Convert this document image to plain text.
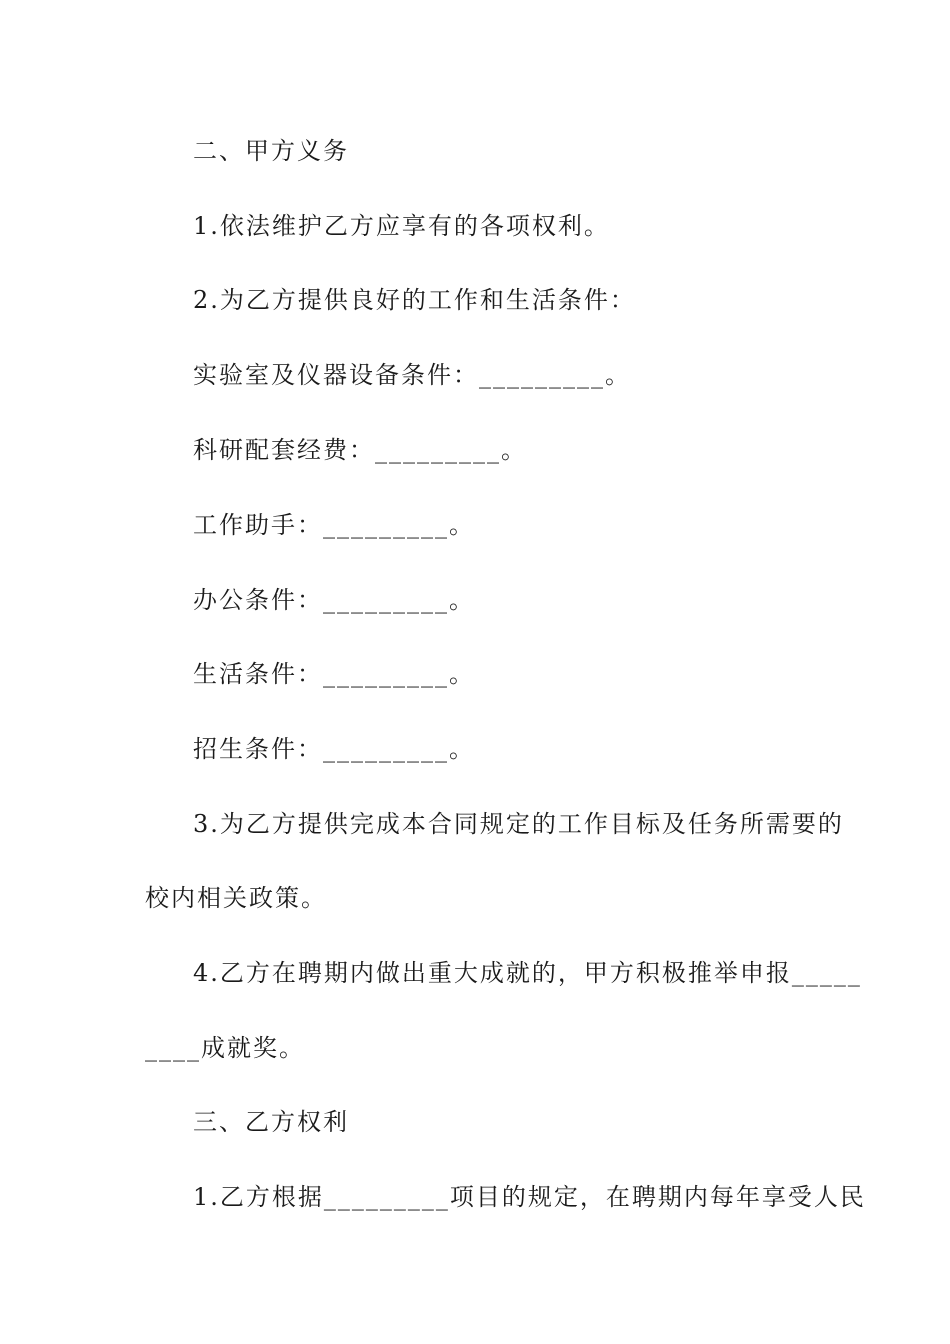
二、甲方义务
1.依法维护乙方应享有的各项权利。
2.为乙方提供良好的工作和生活条件：
实验室及仪器设备条件：_________。
科研配套经费：_________。
工作助手：_________。
办公条件：_________。
生活条件：_________。
招生条件：_________。
3.为乙方提供完成本合同规定的工作目标及任务所需要的
校内相关政策。
4.乙方在聘期内做出重大成就的，甲方积极推举申报_____
____成就奖。
三、乙方权利
1.乙方根据_________项目的规定，在聘期内每年享受人民
